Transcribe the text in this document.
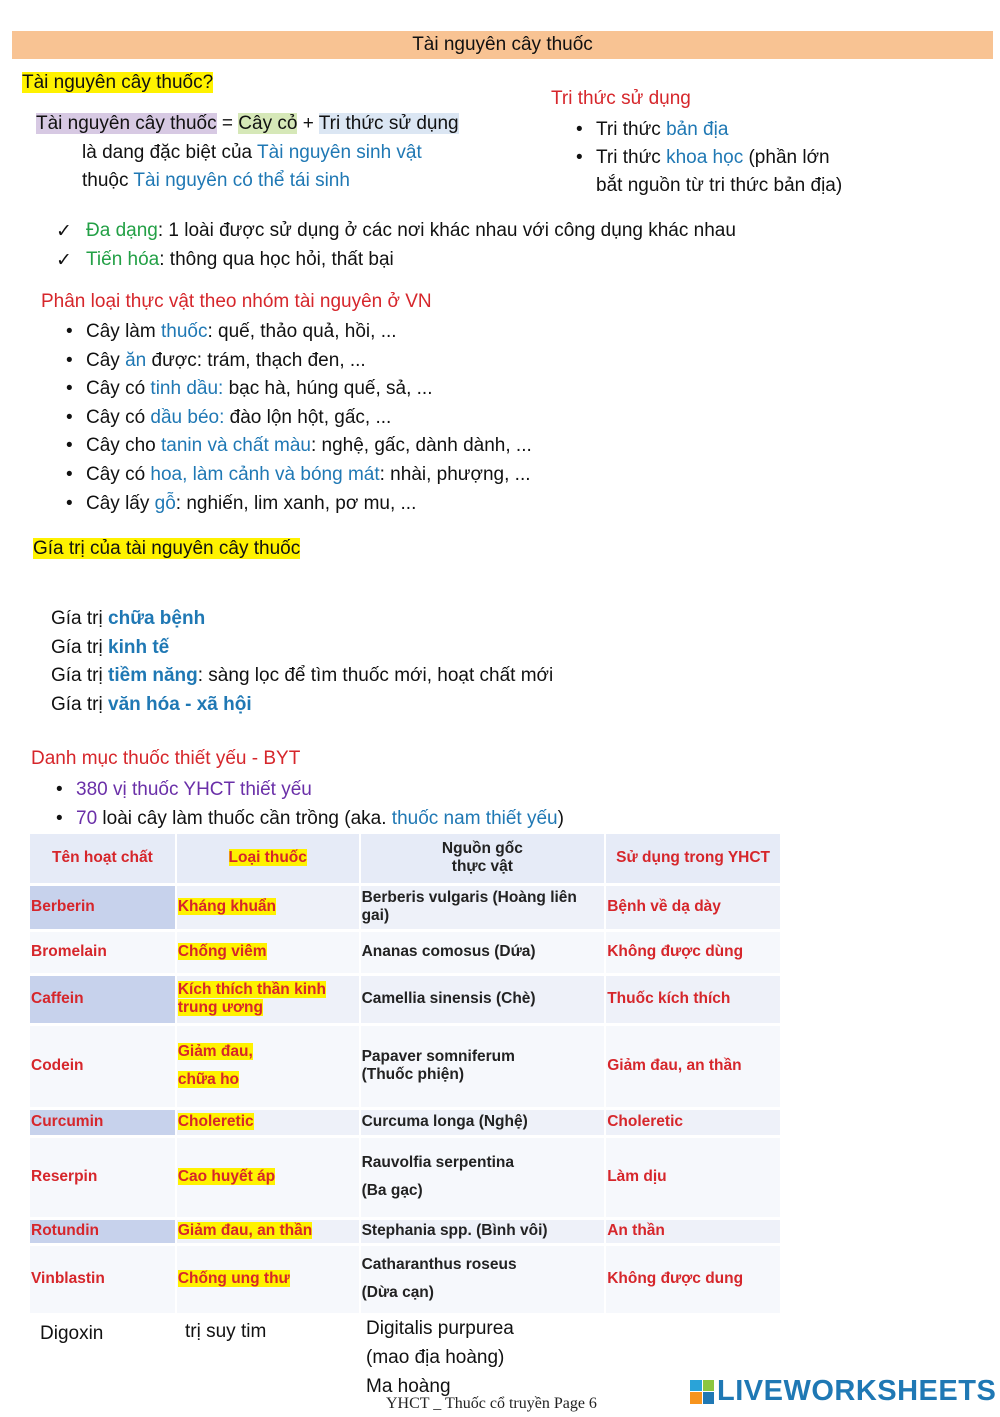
Tài nguyên cây thuốc
Tài nguyên cây thuốc?
Tài nguyên cây thuốc = Cây cỏ + Tri thức sử dụng
là dang đặc biệt của Tài nguyên sinh vật
thuộc Tài nguyên có thể tái sinh
Tri thức sử dụng
• Tri thức bản địa
• Tri thức khoa học (phần lớn
bắt nguồn từ tri thức bản địa)
✓ Đa dạng: 1 loài được sử dụng ở các nơi khác nhau với công dụng khác nhau
✓ Tiến hóa: thông qua học hỏi, thất bại
Phân loại thực vật theo nhóm tài nguyên ở VN
• Cây làm thuốc: quế, thảo quả, hồi, ...
• Cây ăn được: trám, thạch đen, ...
• Cây có tinh dầu: bạc hà, húng quế, sả, ...
• Cây có dầu béo: đào lộn hột, gấc, ...
• Cây cho tanin và chất màu: nghệ, gấc, dành dành, ...
• Cây có hoa, làm cảnh và bóng mát: nhài, phượng, ...
• Cây lấy gỗ: nghiến, lim xanh, pơ mu, ...
Gía trị của tài nguyên cây thuốc
Gía trị chữa bệnh
Gía trị kinh tế
Gía trị tiềm năng: sàng lọc để tìm thuốc mới, hoạt chất mới
Gía trị văn hóa - xã hội
Danh mục thuốc thiết yếu - BYT
• 380 vị thuốc YHCT thiết yếu
• 70 loài cây làm thuốc cần trồng (aka. thuốc nam thiết yếu)
Tên hoạt chất	Loại thuốc	Nguồn gốc
thực vật	Sử dụng trong YHCT
Berberin	Kháng khuẩn	Berberis vulgaris (Hoàng liên
gai)	Bệnh về dạ dày
Bromelain	Chống viêm	Ananas comosus (Dứa)	Không được dùng
Caffein	Kích thích thần kinh
trung ương	Camellia sinensis (Chè)	Thuốc kích thích
Codein	Giảm đau,
chữa ho	Papaver somniferum
(Thuốc phiện)	Giảm đau, an thần
Curcumin	Choleretic	Curcuma longa (Nghệ)	Choleretic
Reserpin	Cao huyết áp	Rauvolfia serpentina
(Ba gạc)	Làm dịu
Rotundin	Giảm đau, an thần	Stephania spp. (Bình vôi)	An thần
Vinblastin	Chống ung thư	Catharanthus roseus
(Dừa cạn)	Không được dung
Digoxin	trị suy tim	Digitalis purpurea
(mao địa hoàng)
Ma hoàng
YHCT _ Thuốc cổ truyền Page 6	LIVEWORKSHEETS
